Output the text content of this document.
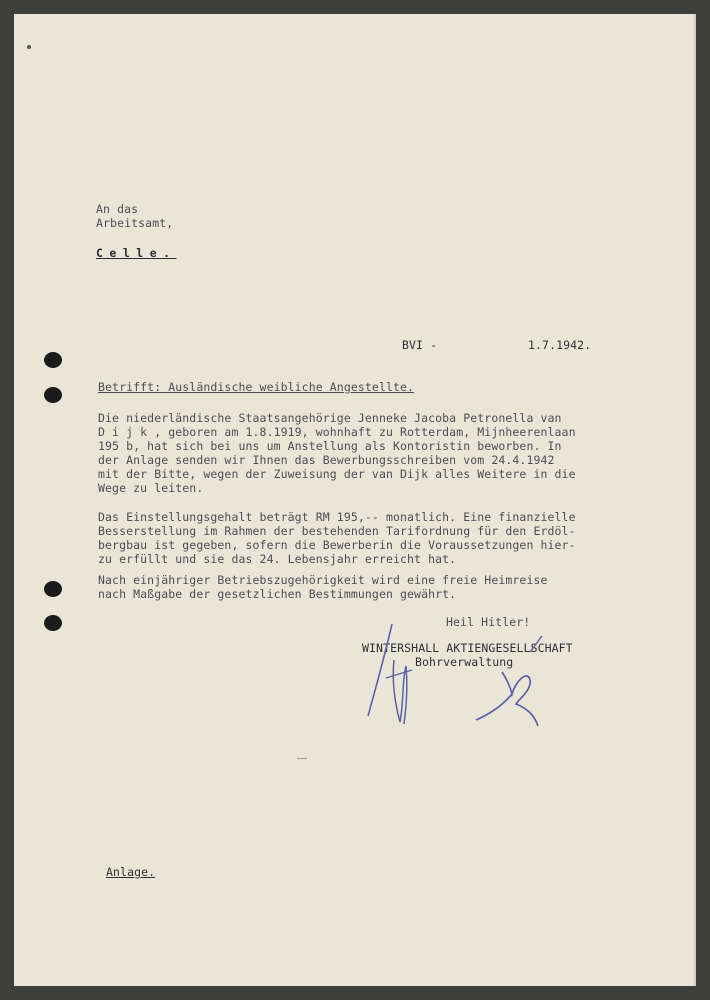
An das
Arbeitsamt,
Celle.
BVI -	1.7.1942.
Betrifft: Ausländische weibliche Angestellte.
Die niederländische Staatsangehörige Jenneke Jacoba Petronella van
D i j k , geboren am 1.8.1919, wohnhaft zu Rotterdam, Mijnheerenlaan
195 b, hat sich bei uns um Anstellung als Kontoristin beworben. In
der Anlage senden wir Ihnen das Bewerbungsschreiben vom 24.4.1942
mit der Bitte, wegen der Zuweisung der van Dijk alles Weitere in die
Wege zu leiten.
Das Einstellungsgehalt beträgt RM 195,-- monatlich. Eine finanzielle
Besserstellung im Rahmen der bestehenden Tarifordnung für den Erdöl-
bergbau ist gegeben, sofern die Bewerberin die Voraussetzungen hier-
zu erfüllt und sie das 24. Lebensjahr erreicht hat.
Nach einjähriger Betriebszugehörigkeit wird eine freie Heimreise
nach Maßgabe der gesetzlichen Bestimmungen gewährt.
Heil Hitler!
WINTERSHALL AKTIENGESELLSCHAFT
Bohrverwaltung
Anlage.
